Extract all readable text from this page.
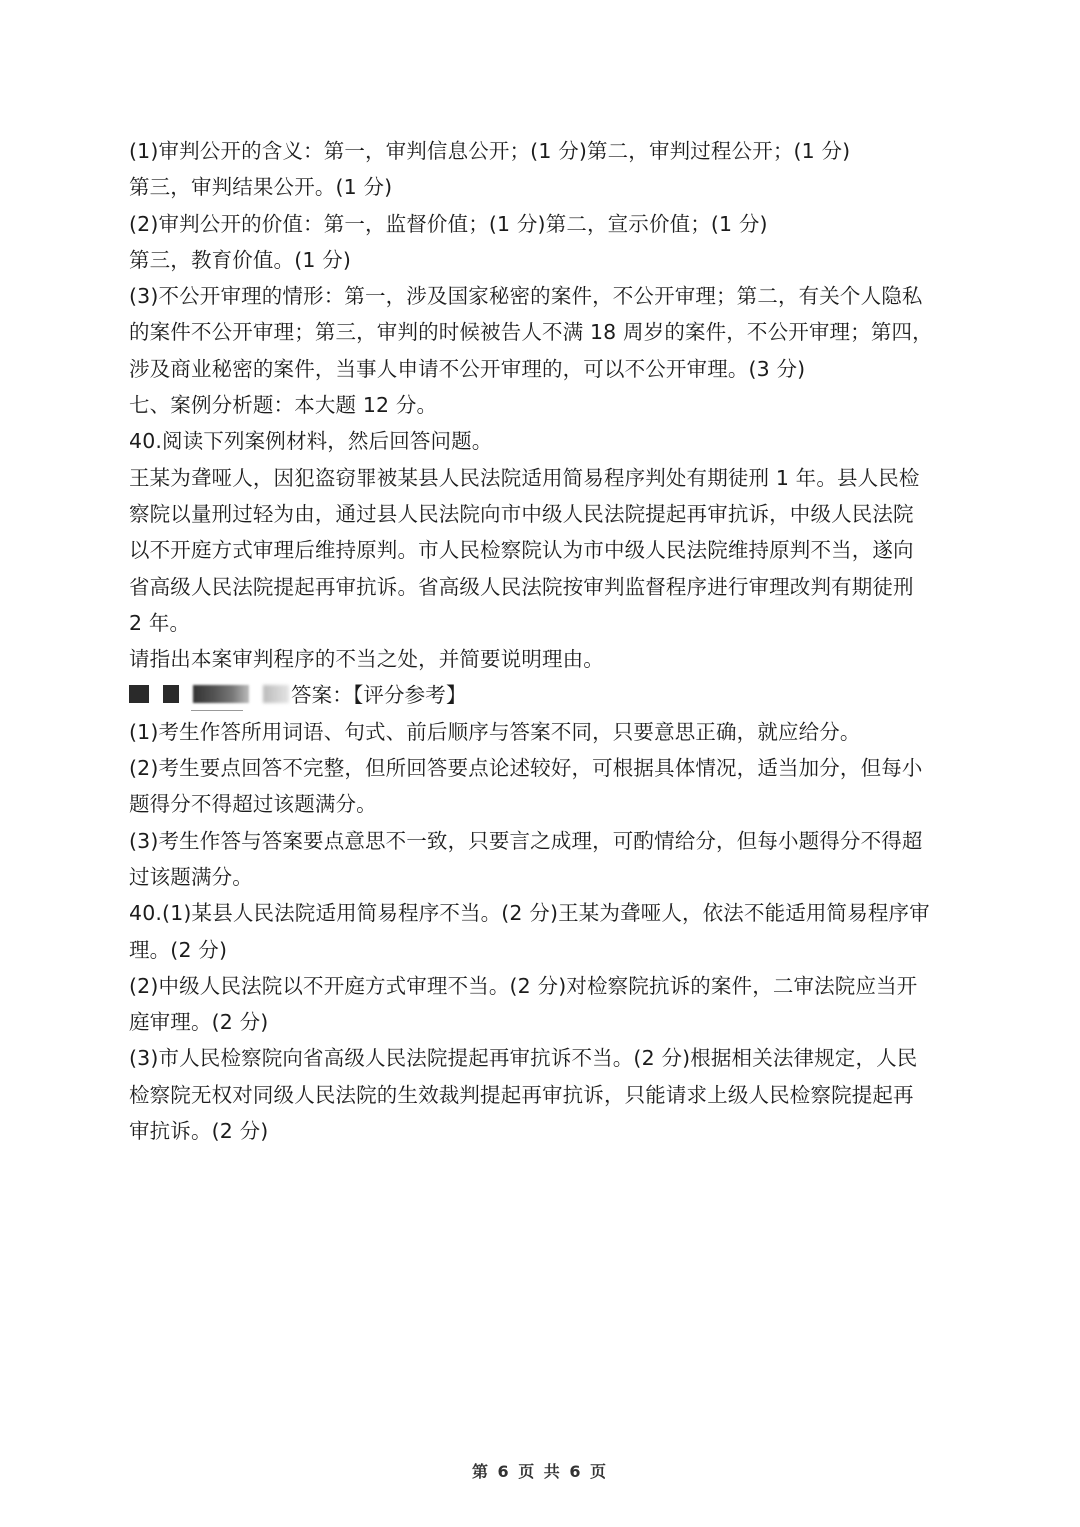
(1)审判公开的含义：第一，审判信息公开；(1 分)第二，审判过程公开；(1 分)
第三，审判结果公开。(1 分)
(2)审判公开的价值：第一，监督价值；(1 分)第二，宣示价值；(1 分)
第三，教育价值。(1 分)
(3)不公开审理的情形：第一，涉及国家秘密的案件，不公开审理；第二，有关个人隐私
的案件不公开审理；第三，审判的时候被告人不满 18 周岁的案件，不公开审理；第四，
涉及商业秘密的案件，当事人申请不公开审理的，可以不公开审理。(3 分)
七、案例分析题：本大题 12 分。
40.阅读下列案例材料，然后回答问题。
王某为聋哑人，因犯盗窃罪被某县人民法院适用简易程序判处有期徒刑 1 年。县人民检
察院以量刑过轻为由，通过县人民法院向市中级人民法院提起再审抗诉，中级人民法院
以不开庭方式审理后维持原判。市人民检察院认为市中级人民法院维持原判不当，遂向
省高级人民法院提起再审抗诉。省高级人民法院按审判监督程序进行审理改判有期徒刑
2 年。
请指出本案审判程序的不当之处，并简要说明理由。
答案：【评分参考】
(1)考生作答所用词语、句式、前后顺序与答案不同，只要意思正确，就应给分。
(2)考生要点回答不完整，但所回答要点论述较好，可根据具体情况，适当加分，但每小
题得分不得超过该题满分。
(3)考生作答与答案要点意思不一致，只要言之成理，可酌情给分，但每小题得分不得超
过该题满分。
40.(1)某县人民法院适用简易程序不当。(2 分)王某为聋哑人，依法不能适用简易程序审
理。(2 分)
(2)中级人民法院以不开庭方式审理不当。(2 分)对检察院抗诉的案件，二审法院应当开
庭审理。(2 分)
(3)市人民检察院向省高级人民法院提起再审抗诉不当。(2 分)根据相关法律规定，人民
检察院无权对同级人民法院的生效裁判提起再审抗诉，只能请求上级人民检察院提起再
审抗诉。(2 分)
第 6 页 共 6 页
